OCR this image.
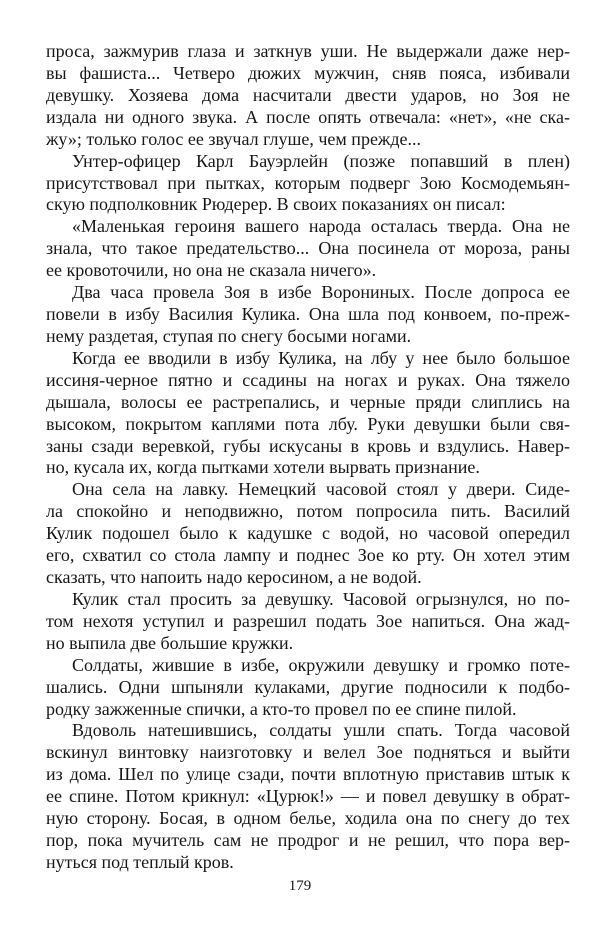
проса, зажмурив глаза и заткнув уши. Не выдержали даже нер-
вы фашиста... Четверо дюжих мужчин, сняв пояса, избивали
девушку. Хозяева дома насчитали двести ударов, но Зоя не
издала ни одного звука. А после опять отвечала: «нет», «не ска-
жу»; только голос ее звучал глуше, чем прежде...
Унтер-офицер Карл Бауэрлейн (позже попавший в плен)
присутствовал при пытках, которым подверг Зою Космодемьян-
скую подполковник Рюдерер. В своих показаниях он писал:
«Маленькая героиня вашего народа осталась тверда. Она не
знала, что такое предательство... Она посинела от мороза, раны
ее кровоточили, но она не сказала ничего».
Два часа провела Зоя в избе Ворониных. После допроса ее
повели в избу Василия Кулика. Она шла под конвоем, по-преж-
нему раздетая, ступая по снегу босыми ногами.
Когда ее вводили в избу Кулика, на лбу у нее было большое
иссиня-черное пятно и ссадины на ногах и руках. Она тяжело
дышала, волосы ее растрепались, и черные пряди слиплись на
высоком, покрытом каплями пота лбу. Руки девушки были свя-
заны сзади веревкой, губы искусаны в кровь и вздулись. Навер-
но, кусала их, когда пытками хотели вырвать признание.
Она села на лавку. Немецкий часовой стоял у двери. Сиде-
ла спокойно и неподвижно, потом попросила пить. Василий
Кулик подошел было к кадушке с водой, но часовой опередил
его, схватил со стола лампу и поднес Зое ко рту. Он хотел этим
сказать, что напоить надо керосином, а не водой.
Кулик стал просить за девушку. Часовой огрызнулся, но по-
том нехотя уступил и разрешил подать Зое напиться. Она жад-
но выпила две большие кружки.
Солдаты, жившие в избе, окружили девушку и громко поте-
шались. Одни шпыняли кулаками, другие подносили к подбо-
родку зажженные спички, а кто-то провел по ее спине пилой.
Вдоволь натешившись, солдаты ушли спать. Тогда часовой
вскинул винтовку наизготовку и велел Зое подняться и выйти
из дома. Шел по улице сзади, почти вплотную приставив штык к
ее спине. Потом крикнул: «Цурюк!» — и повел девушку в обрат-
ную сторону. Босая, в одном белье, ходила она по снегу до тех
пор, пока мучитель сам не продрог и не решил, что пора вер-
нуться под теплый кров.
179
